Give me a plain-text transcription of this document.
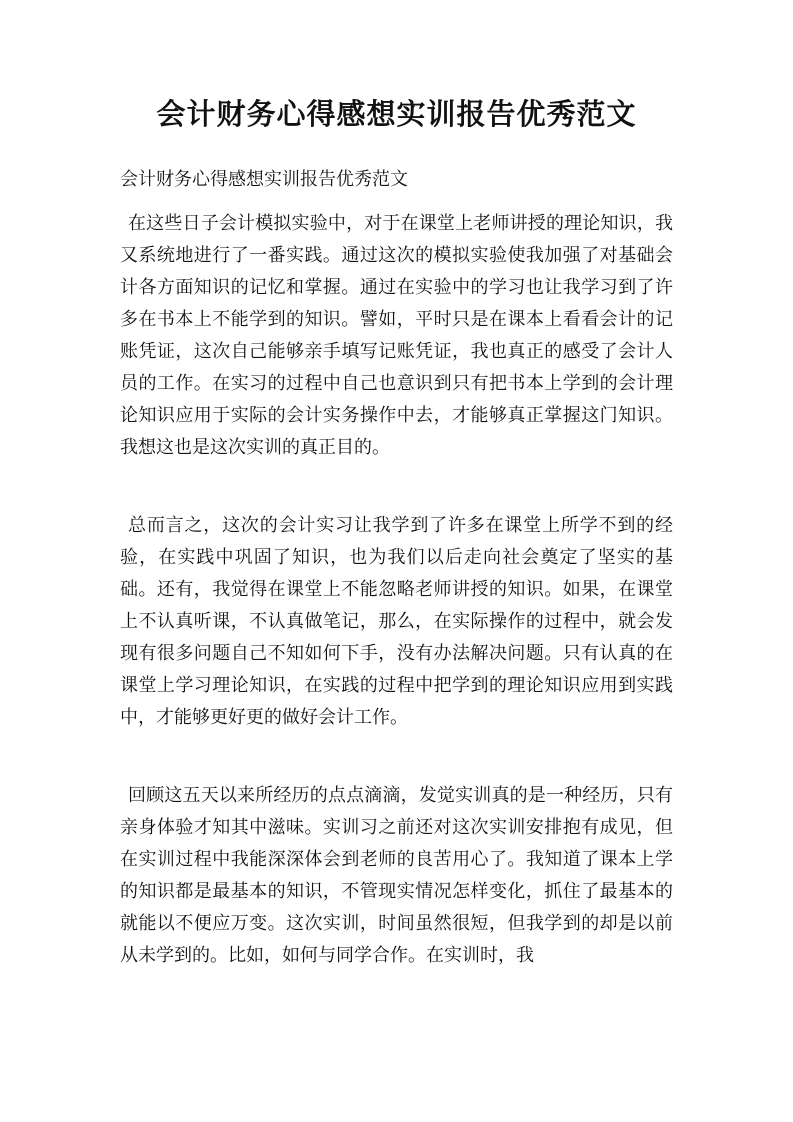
会计财务心得感想实训报告优秀范文

会计财务心得感想实训报告优秀范文

在这些日子会计模拟实验中，对于在课堂上老师讲授的理论知识，我又系统地进行了一番实践。通过这次的模拟实验使我加强了对基础会计各方面知识的记忆和掌握。通过在实验中的学习也让我学习到了许多在书本上不能学到的知识。譬如，平时只是在课本上看看会计的记账凭证，这次自己能够亲手填写记账凭证，我也真正的感受了会计人员的工作。在实习的过程中自己也意识到只有把书本上学到的会计理论知识应用于实际的会计实务操作中去，才能够真正掌握这门知识。我想这也是这次实训的真正目的。

总而言之，这次的会计实习让我学到了许多在课堂上所学不到的经验，在实践中巩固了知识，也为我们以后走向社会奠定了坚实的基础。还有，我觉得在课堂上不能忽略老师讲授的知识。如果，在课堂上不认真听课，不认真做笔记，那么，在实际操作的过程中，就会发现有很多问题自己不知如何下手，没有办法解决问题。只有认真的在课堂上学习理论知识，在实践的过程中把学到的理论知识应用到实践中，才能够更好更的做好会计工作。

回顾这五天以来所经历的点点滴滴，发觉实训真的是一种经历，只有亲身体验才知其中滋味。实训习之前还对这次实训安排抱有成见，但在实训过程中我能深深体会到老师的良苦用心了。我知道了课本上学的知识都是最基本的知识，不管现实情况怎样变化，抓住了最基本的就能以不便应万变。这次实训，时间虽然很短，但我学到的却是以前从未学到的。比如，如何与同学合作。在实训时，我
